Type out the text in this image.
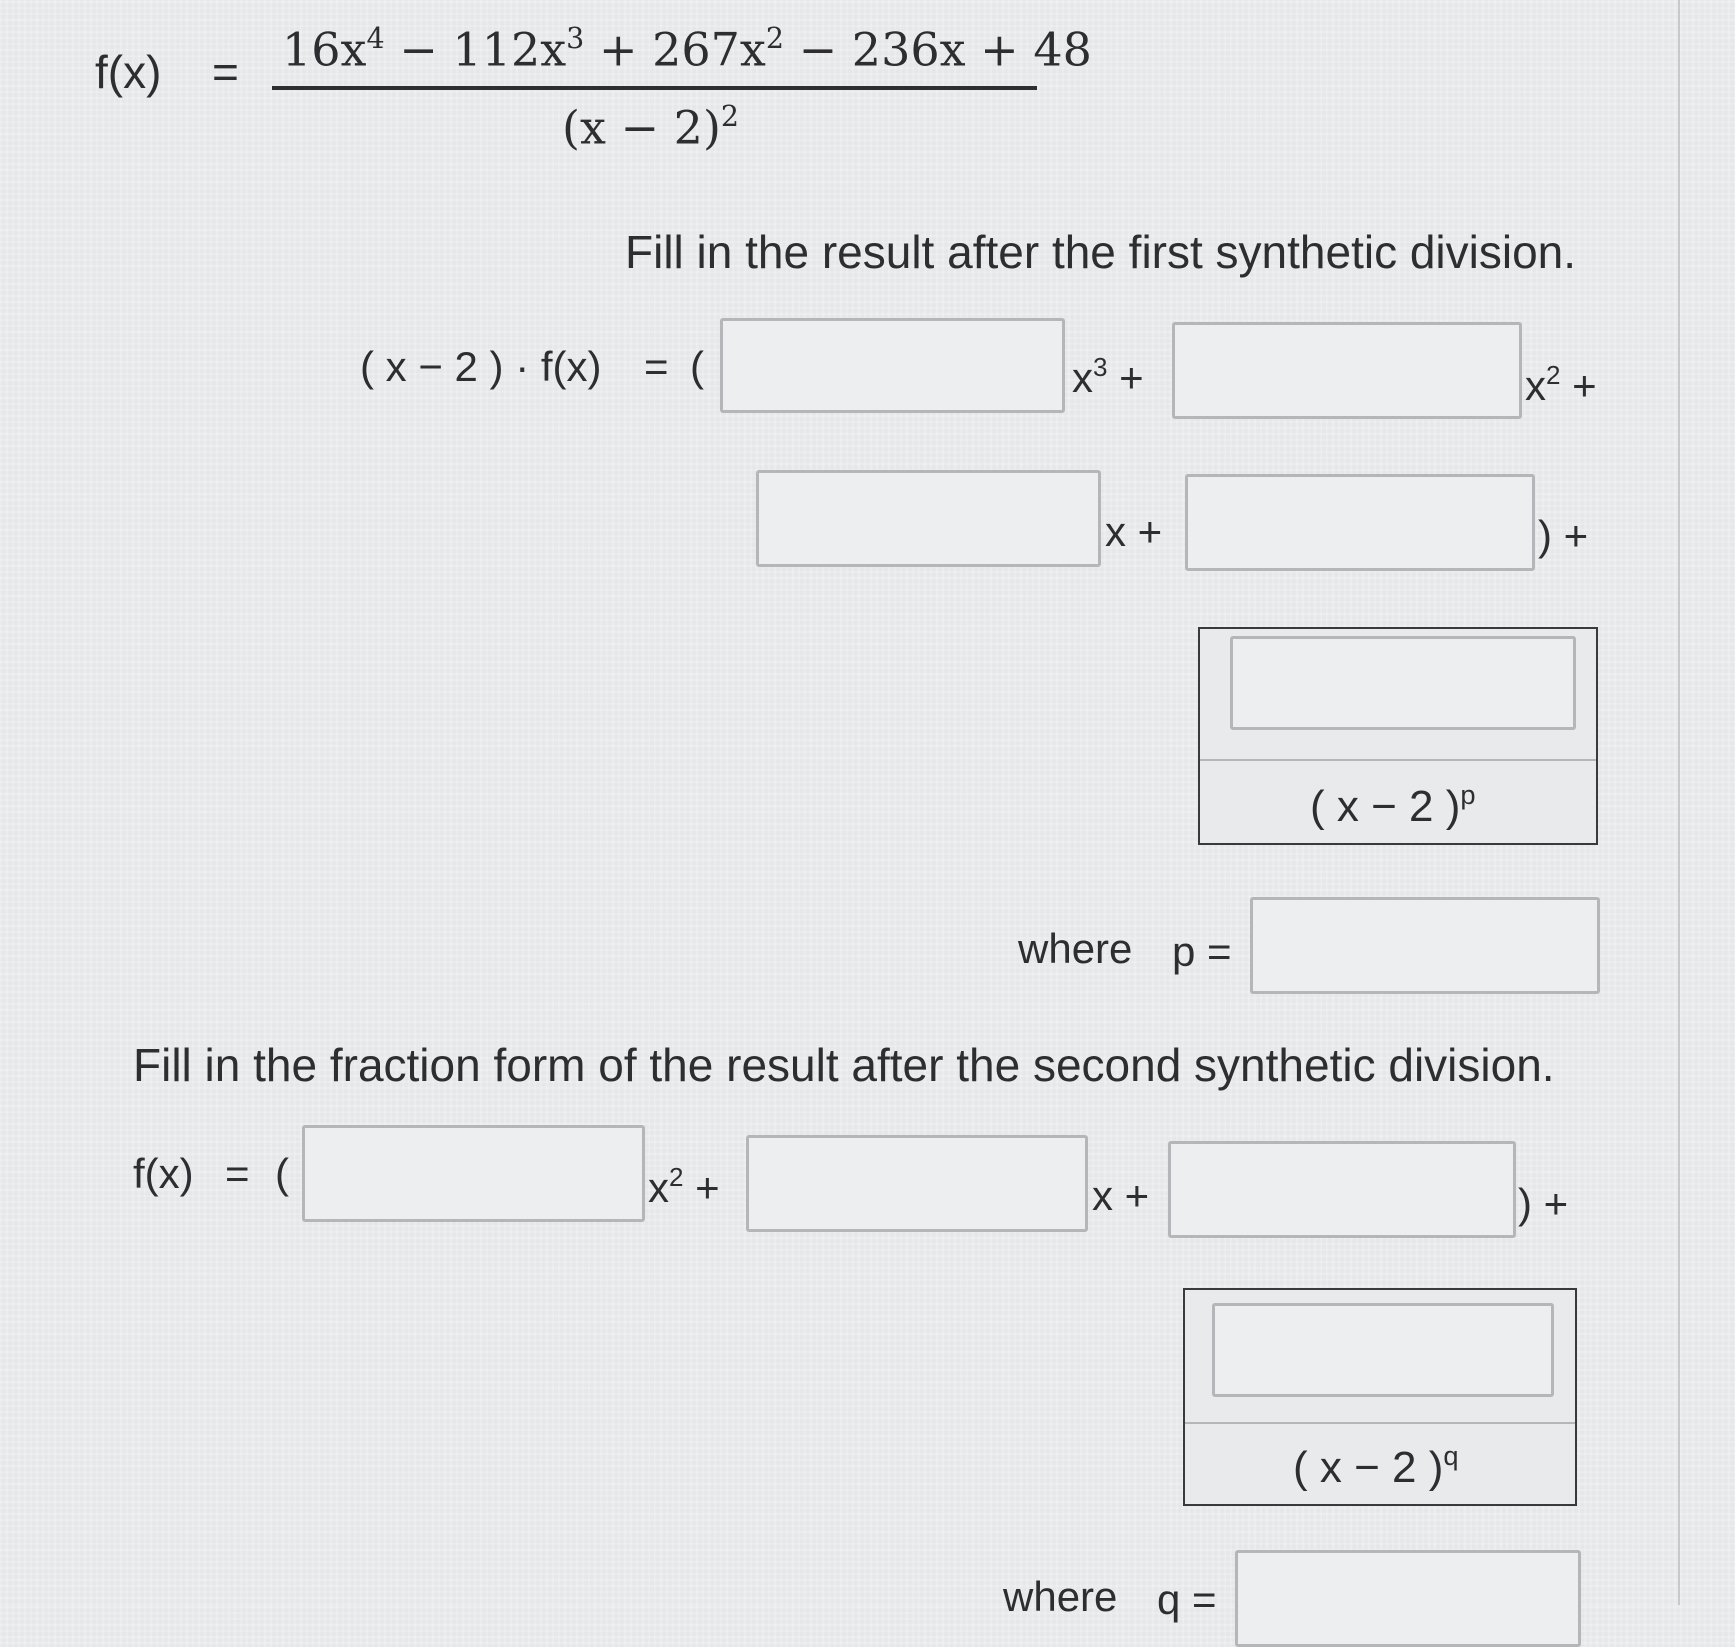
$f(x) = 16x^4 - 112x^3 + 267x^2 - 236x + 48$
$(x - 2)^2$
Fill in the result after the first synthetic division.
( x − 2 ) · f(x) = (	$x^3$ +	$x^2$ +
x +	) +
( x − 2 )$^p$
where p =
Fill in the fraction form of the result after the second synthetic division.
f(x) = (	$x^2$ +	x +	) +
( x − 2 )$^q$
where q =
